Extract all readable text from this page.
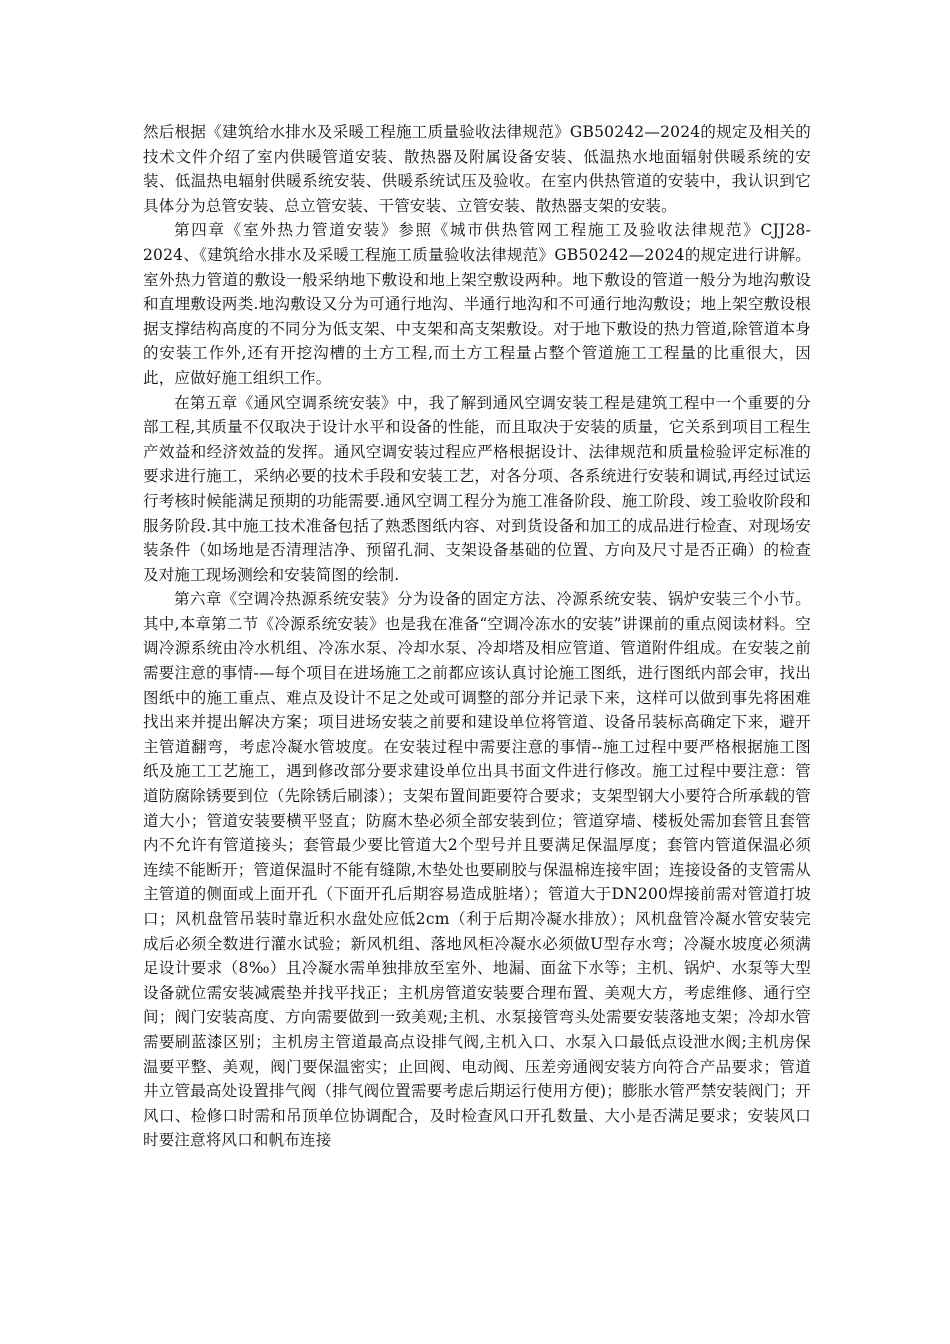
然后根据《建筑给水排水及采暖工程施工质量验收法律规范》GB50242—2024的规定及相关的技术文件介绍了室内供暖管道安装、散热器及附属设备安装、低温热水地面辐射供暖系统的安装、低温热电辐射供暖系统安装、供暖系统试压及验收。在室内供热管道的安装中，我认识到它具体分为总管安装、总立管安装、干管安装、立管安装、散热器支架的安装。

第四章《室外热力管道安装》参照《城市供热管网工程施工及验收法律规范》CJJ28-2024、《建筑给水排水及采暖工程施工质量验收法律规范》GB50242—2024的规定进行讲解。室外热力管道的敷设一般采纳地下敷设和地上架空敷设两种。地下敷设的管道一般分为地沟敷设和直埋敷设两类.地沟敷设又分为可通行地沟、半通行地沟和不可通行地沟敷设；地上架空敷设根据支撑结构高度的不同分为低支架、中支架和高支架敷设。对于地下敷设的热力管道,除管道本身的安装工作外,还有开挖沟槽的土方工程,而土方工程量占整个管道施工工程量的比重很大，因此，应做好施工组织工作。

在第五章《通风空调系统安装》中，我了解到通风空调安装工程是建筑工程中一个重要的分部工程,其质量不仅取决于设计水平和设备的性能，而且取决于安装的质量，它关系到项目工程生产效益和经济效益的发挥。通风空调安装过程应严格根据设计、法律规范和质量检验评定标准的要求进行施工，采纳必要的技术手段和安装工艺，对各分项、各系统进行安装和调试,再经过试运行考核时候能满足预期的功能需要.通风空调工程分为施工准备阶段、施工阶段、竣工验收阶段和服务阶段.其中施工技术准备包括了熟悉图纸内容、对到货设备和加工的成品进行检查、对现场安装条件（如场地是否清理洁净、预留孔洞、支架设备基础的位置、方向及尺寸是否正确）的检查及对施工现场测绘和安装简图的绘制.

第六章《空调冷热源系统安装》分为设备的固定方法、冷源系统安装、锅炉安装三个小节。其中,本章第二节《冷源系统安装》也是我在准备“空调冷冻水的安装”讲课前的重点阅读材料。空调冷源系统由冷水机组、冷冻水泵、冷却水泵、冷却塔及相应管道、管道附件组成。在安装之前需要注意的事情-—每个项目在进场施工之前都应该认真讨论施工图纸，进行图纸内部会审，找出图纸中的施工重点、难点及设计不足之处或可调整的部分并记录下来，这样可以做到事先将困难找出来并提出解决方案；项目进场安装之前要和建设单位将管道、设备吊装标高确定下来，避开主管道翻弯，考虑冷凝水管坡度。在安装过程中需要注意的事情--施工过程中要严格根据施工图纸及施工工艺施工，遇到修改部分要求建设单位出具书面文件进行修改。施工过程中要注意：管道防腐除锈要到位（先除锈后刷漆）；支架布置间距要符合要求；支架型钢大小要符合所承载的管道大小；管道安装要横平竖直；防腐木垫必须全部安装到位；管道穿墙、楼板处需加套管且套管内不允许有管道接头；套管最少要比管道大2个型号并且要满足保温厚度；套管内管道保温必须连续不能断开；管道保温时不能有缝隙,木垫处也要刷胶与保温棉连接牢固；连接设备的支管需从主管道的侧面或上面开孔（下面开孔后期容易造成脏堵）；管道大于DN200焊接前需对管道打坡口；风机盘管吊装时靠近积水盘处应低2cm（利于后期冷凝水排放）；风机盘管冷凝水管安装完成后必须全数进行灌水试验；新风机组、落地风柜冷凝水必须做U型存水弯；冷凝水坡度必须满足设计要求（8‰）且冷凝水需单独排放至室外、地漏、面盆下水等；主机、锅炉、水泵等大型设备就位需安装减震垫并找平找正；主机房管道安装要合理布置、美观大方，考虑维修、通行空间；阀门安装高度、方向需要做到一致美观;主机、水泵接管弯头处需要安装落地支架；冷却水管需要刷蓝漆区别；主机房主管道最高点设排气阀,主机入口、水泵入口最低点设泄水阀;主机房保温要平整、美观，阀门要保温密实；止回阀、电动阀、压差旁通阀安装方向符合产品要求；管道井立管最高处设置排气阀（排气阀位置需要考虑后期运行使用方便)；膨胀水管严禁安装阀门；开风口、检修口时需和吊顶单位协调配合，及时检查风口开孔数量、大小是否满足要求；安装风口时要注意将风口和帆布连接
